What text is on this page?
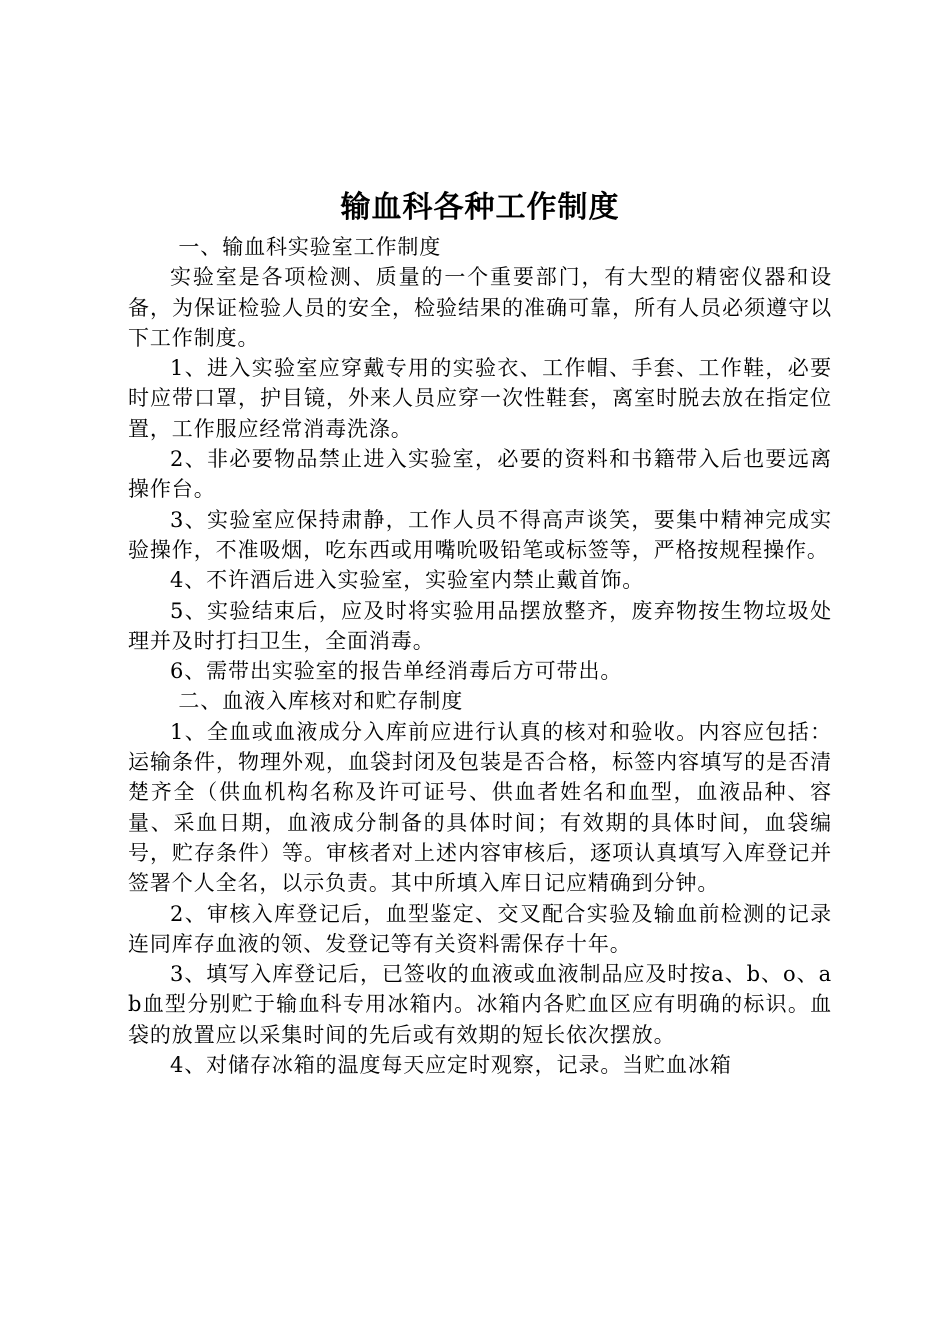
输血科各种工作制度

一、输血科实验室工作制度

实验室是各项检测、质量的一个重要部门，有大型的精密仪器和设备，为保证检验人员的安全，检验结果的准确可靠，所有人员必须遵守以下工作制度。

1、进入实验室应穿戴专用的实验衣、工作帽、手套、工作鞋，必要时应带口罩，护目镜，外来人员应穿一次性鞋套，离室时脱去放在指定位置，工作服应经常消毒洗涤。

2、非必要物品禁止进入实验室，必要的资料和书籍带入后也要远离操作台。

3、实验室应保持肃静，工作人员不得高声谈笑，要集中精神完成实验操作，不准吸烟，吃东西或用嘴吮吸铅笔或标签等，严格按规程操作。

4、不许酒后进入实验室，实验室内禁止戴首饰。

5、实验结束后，应及时将实验用品摆放整齐，废弃物按生物垃圾处理并及时打扫卫生，全面消毒。

6、需带出实验室的报告单经消毒后方可带出。

二、血液入库核对和贮存制度

1、全血或血液成分入库前应进行认真的核对和验收。内容应包括：运输条件，物理外观，血袋封闭及包装是否合格，标签内容填写的是否清楚齐全（供血机构名称及许可证号、供血者姓名和血型，血液品种、容量、采血日期，血液成分制备的具体时间；有效期的具体时间，血袋编号，贮存条件）等。审核者对上述内容审核后，逐项认真填写入库登记并签署个人全名，以示负责。其中所填入库日记应精确到分钟。

2、审核入库登记后，血型鉴定、交叉配合实验及输血前检测的记录连同库存血液的领、发登记等有关资料需保存十年。

3、填写入库登记后，已签收的血液或血液制品应及时按a、b、o、ab血型分别贮于输血科专用冰箱内。冰箱内各贮血区应有明确的标识。血袋的放置应以采集时间的先后或有效期的短长依次摆放。

4、对储存冰箱的温度每天应定时观察，记录。当贮血冰箱
